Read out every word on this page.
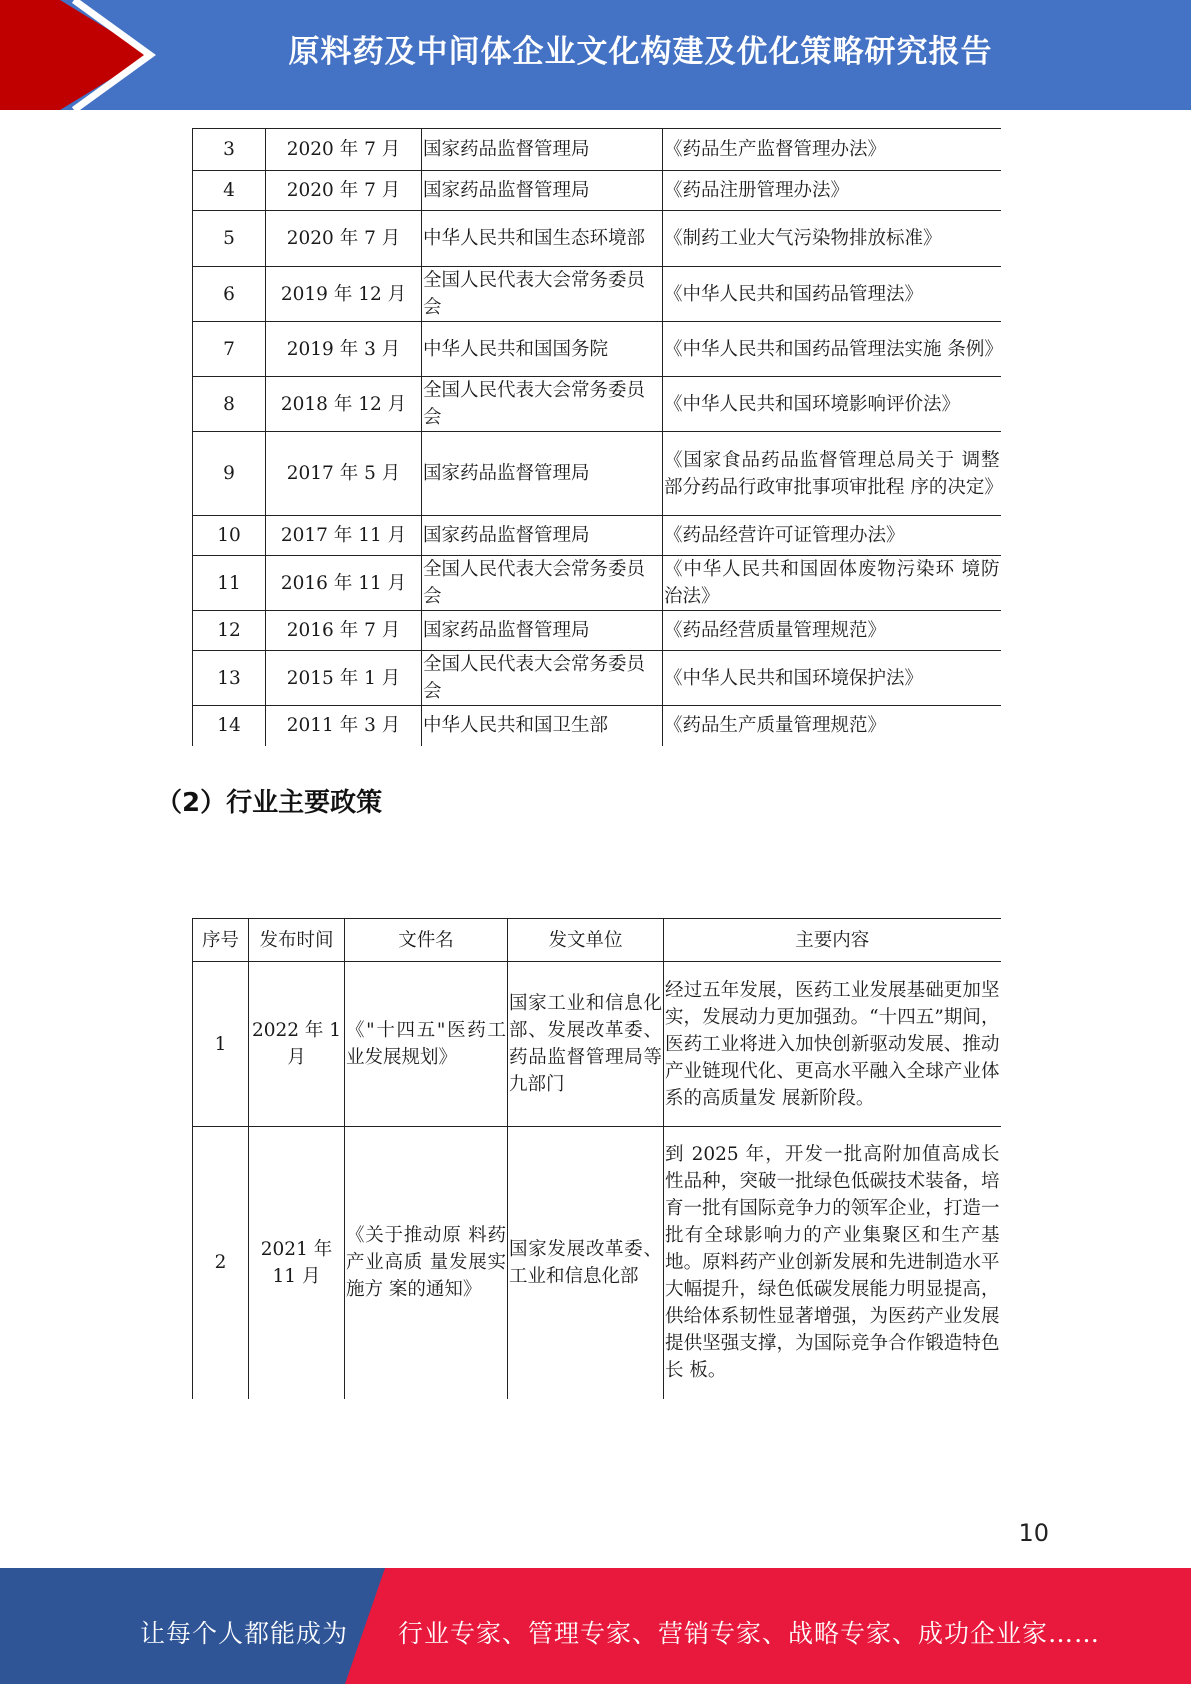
原料药及中间体企业文化构建及优化策略研究报告
3	2020 年 7 月	国家药品监督管理局	《药品生产监督管理办法》
4	2020 年 7 月	国家药品监督管理局	《药品注册管理办法》
5	2020 年 7 月	中华人民共和国生态环境部	《制药工业大气污染物排放标准》
6	2019 年 12 月	全国人民代表大会常务委员会	《中华人民共和国药品管理法》
7	2019 年 3 月	中华人民共和国国务院	《中华人民共和国药品管理法实施 条例》
8	2018 年 12 月	全国人民代表大会常务委员会	《中华人民共和国环境影响评价法》
9	2017 年 5 月	国家药品监督管理局	《国家食品药品监督管理总局关于 调整部分药品行政审批事项审批程 序的决定》
10	2017 年 11 月	国家药品监督管理局	《药品经营许可证管理办法》
11	2016 年 11 月	全国人民代表大会常务委员会	《中华人民共和国固体废物污染环 境防治法》
12	2016 年 7 月	国家药品监督管理局	《药品经营质量管理规范》
13	2015 年 1 月	全国人民代表大会常务委员会	《中华人民共和国环境保护法》
14	2011 年 3 月	中华人民共和国卫生部	《药品生产质量管理规范》
（2）行业主要政策
序号	发布时间	文件名	发文单位	主要内容
1	2022 年 1 月	《"十四五"医药工业发展规划》	国家工业和信息化部、发展改革委、药品监督管理局等九部门	经过五年发展，医药工业发展基础更加坚实，发展动力更加强劲。“十四五”期间，医药工业将进入加快创新驱动发展、推动产业链现代化、更高水平融入全球产业体系的高质量发 展新阶段。
2	2021 年 11 月	《关于推动原 料药产业高质 量发展实施方 案的通知》	国家发展改革委、工业和信息化部	到 2025 年，开发一批高附加值高成长性品种，突破一批绿色低碳技术装备，培育一批有国际竞争力的领军企业，打造一批有全球影响力的产业集聚区和生产基地。原料药产业创新发展和先进制造水平大幅提升，绿色低碳发展能力明显提高，供给体系韧性显著增强，为医药产业发展提供坚强支撑，为国际竞争合作锻造特色长 板。
10
让每个人都能成为 行业专家、管理专家、营销专家、战略专家、成功企业家……
